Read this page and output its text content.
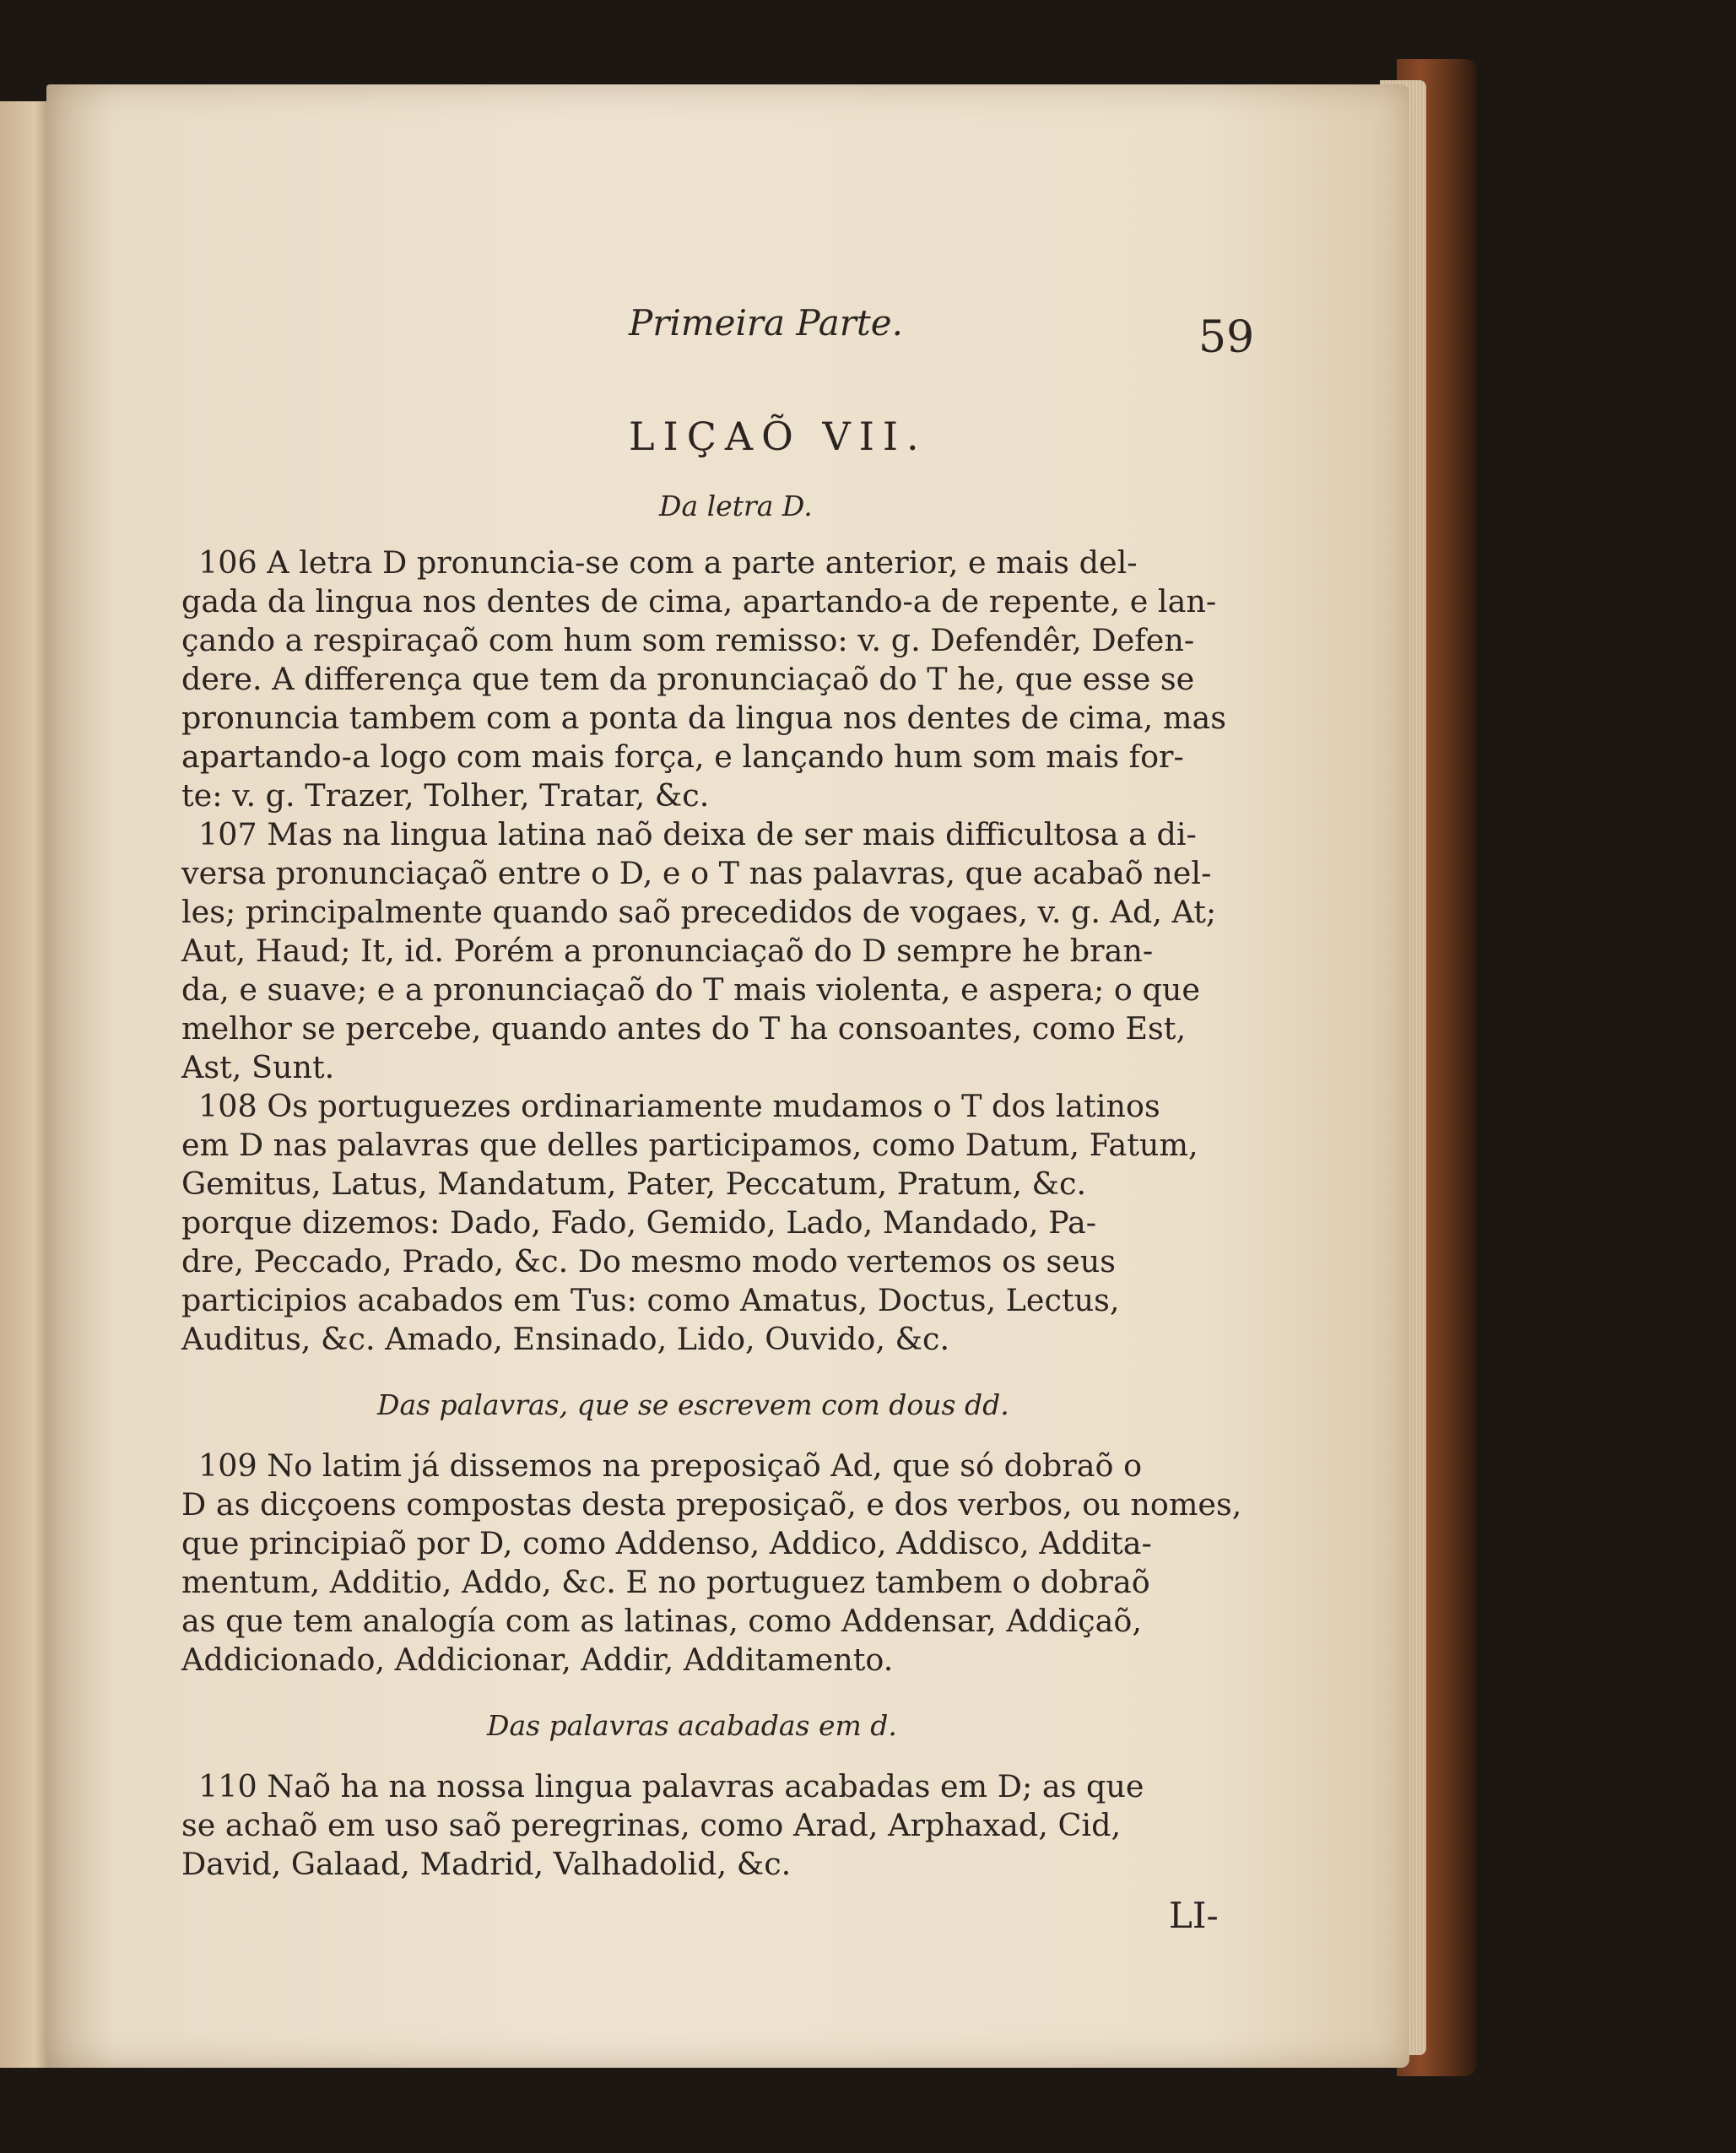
Primeira Parte.	59
LIÇAÕ VII.
Da letra D.
106 A letra D pronuncia-se com a parte anterior, e mais del-
gada da lingua nos dentes de cima, apartando-a de repente, e lan-
çando a respiraçaõ com hum som remisso: v. g. Defendêr, Defen-
dere. A differença que tem da pronunciaçaõ do T he, que esse se
pronuncia tambem com a ponta da lingua nos dentes de cima, mas
apartando-a logo com mais força, e lançando hum som mais for-
te: v. g. Trazer, Tolher, Tratar, &c.
107 Mas na lingua latina naõ deixa de ser mais difficultosa a di-
versa pronunciaçaõ entre o D, e o T nas palavras, que acabaõ nel-
les; principalmente quando saõ precedidos de vogaes, v. g. Ad, At;
Aut, Haud; It, id. Porém a pronunciaçaõ do D sempre he bran-
da, e suave; e a pronunciaçaõ do T mais violenta, e aspera; o que
melhor se percebe, quando antes do T ha consoantes, como Est,
Ast, Sunt.
108 Os portuguezes ordinariamente mudamos o T dos latinos
em D nas palavras que delles participamos, como Datum, Fatum,
Gemitus, Latus, Mandatum, Pater, Peccatum, Pratum, &c.
porque dizemos: Dado, Fado, Gemido, Lado, Mandado, Pa-
dre, Peccado, Prado, &c. Do mesmo modo vertemos os seus
participios acabados em Tus: como Amatus, Doctus, Lectus,
Auditus, &c. Amado, Ensinado, Lido, Ouvido, &c.
Das palavras, que se escrevem com dous dd.
109 No latim já dissemos na preposiçaõ Ad, que só dobraõ o
D as dicçoens compostas desta preposiçaõ, e dos verbos, ou nomes,
que principiaõ por D, como Addenso, Addico, Addisco, Addita-
mentum, Additio, Addo, &c. E no portuguez tambem o dobraõ
as que tem analogía com as latinas, como Addensar, Addiçaõ,
Addicionado, Addicionar, Addir, Additamento.
Das palavras acabadas em d.
110 Naõ ha na nossa lingua palavras acabadas em D; as que
se achaõ em uso saõ peregrinas, como Arad, Arphaxad, Cid,
David, Galaad, Madrid, Valhadolid, &c.
LI-
